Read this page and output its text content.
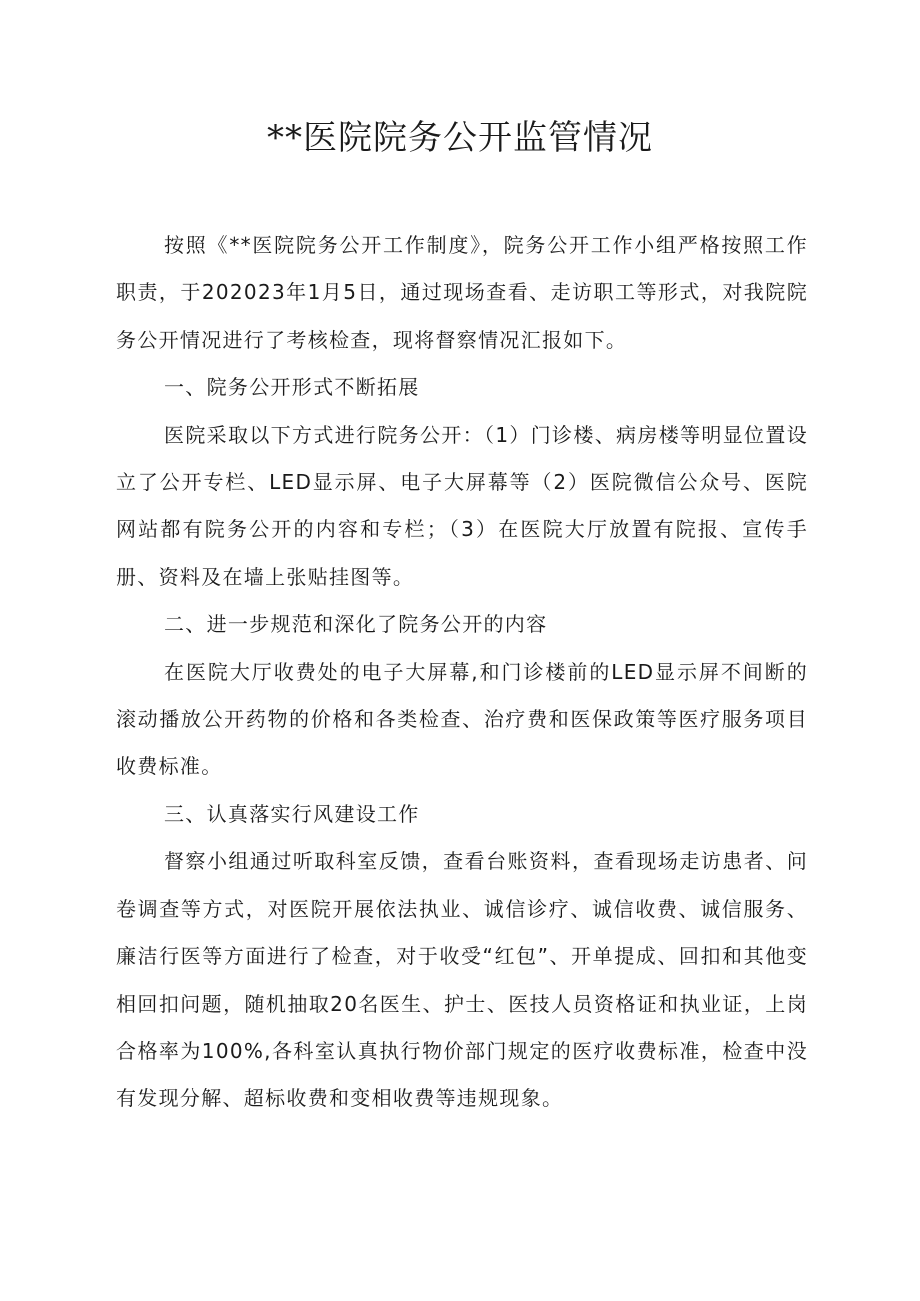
**医院院务公开监管情况

按照《**医院院务公开工作制度》，院务公开工作小组严格按照工作职责，于202023年1月5日，通过现场查看、走访职工等形式，对我院院务公开情况进行了考核检查，现将督察情况汇报如下。

一、院务公开形式不断拓展

医院采取以下方式进行院务公开：（1）门诊楼、病房楼等明显位置设立了公开专栏、LED显示屏、电子大屏幕等（2）医院微信公众号、医院网站都有院务公开的内容和专栏；（3）在医院大厅放置有院报、宣传手册、资料及在墙上张贴挂图等。

二、进一步规范和深化了院务公开的内容

在医院大厅收费处的电子大屏幕,和门诊楼前的LED显示屏不间断的滚动播放公开药物的价格和各类检查、治疗费和医保政策等医疗服务项目收费标准。

三、认真落实行风建设工作

督察小组通过听取科室反馈，查看台账资料，查看现场走访患者、问卷调查等方式，对医院开展依法执业、诚信诊疗、诚信收费、诚信服务、廉洁行医等方面进行了检查，对于收受“红包”、开单提成、回扣和其他变相回扣问题，随机抽取20名医生、护士、医技人员资格证和执业证，上岗合格率为100%,各科室认真执行物价部门规定的医疗收费标准，检查中没有发现分解、超标收费和变相收费等违规现象。
